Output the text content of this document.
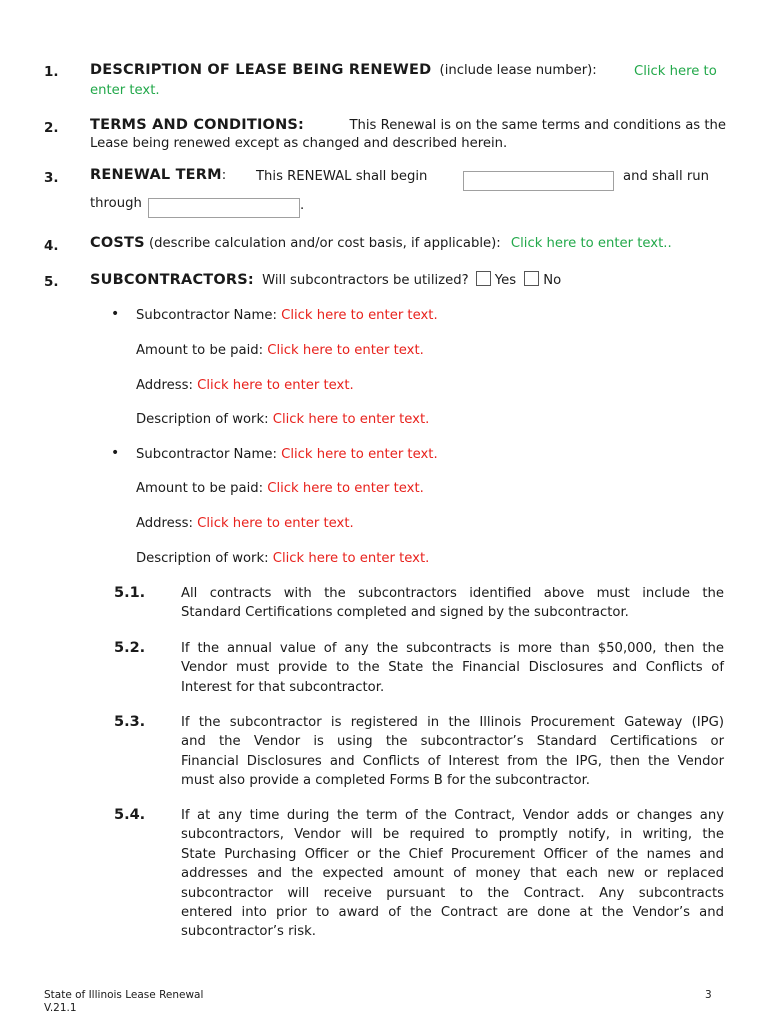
1. DESCRIPTION OF LEASE BEING RENEWED (include lease number):	Click here to
enter text.
2. TERMS AND CONDITIONS:	This Renewal is on the same terms and conditions as the
Lease being renewed except as changed and described herein.
3. RENEWAL TERM: This RENEWAL shall begin	and shall run
through	.
4. COSTS (describe calculation and/or cost basis, if applicable): Click here to enter text..
5. SUBCONTRACTORS: Will subcontractors be utilized? Yes No
• Subcontractor Name: Click here to enter text.
Amount to be paid: Click here to enter text.
Address: Click here to enter text.
Description of work: Click here to enter text.
• Subcontractor Name: Click here to enter text.
Amount to be paid: Click here to enter text.
Address: Click here to enter text.
Description of work: Click here to enter text.
5.1.	All contracts with the subcontractors identified above must include the
Standard Certifications completed and signed by the subcontractor.
5.2.	If the annual value of any the subcontracts is more than $50,000, then the
Vendor must provide to the State the Financial Disclosures and Conflicts of
Interest for that subcontractor.
5.3.	If the subcontractor is registered in the Illinois Procurement Gateway (IPG)
and the Vendor is using the subcontractor’s Standard Certifications or
Financial Disclosures and Conflicts of Interest from the IPG, then the Vendor
must also provide a completed Forms B for the subcontractor.
5.4.	If at any time during the term of the Contract, Vendor adds or changes any
subcontractors, Vendor will be required to promptly notify, in writing, the
State Purchasing Officer or the Chief Procurement Officer of the names and
addresses and the expected amount of money that each new or replaced
subcontractor will receive pursuant to the Contract. Any subcontracts
entered into prior to award of the Contract are done at the Vendor’s and
subcontractor’s risk.
State of Illinois Lease Renewal
V.21.1
3
